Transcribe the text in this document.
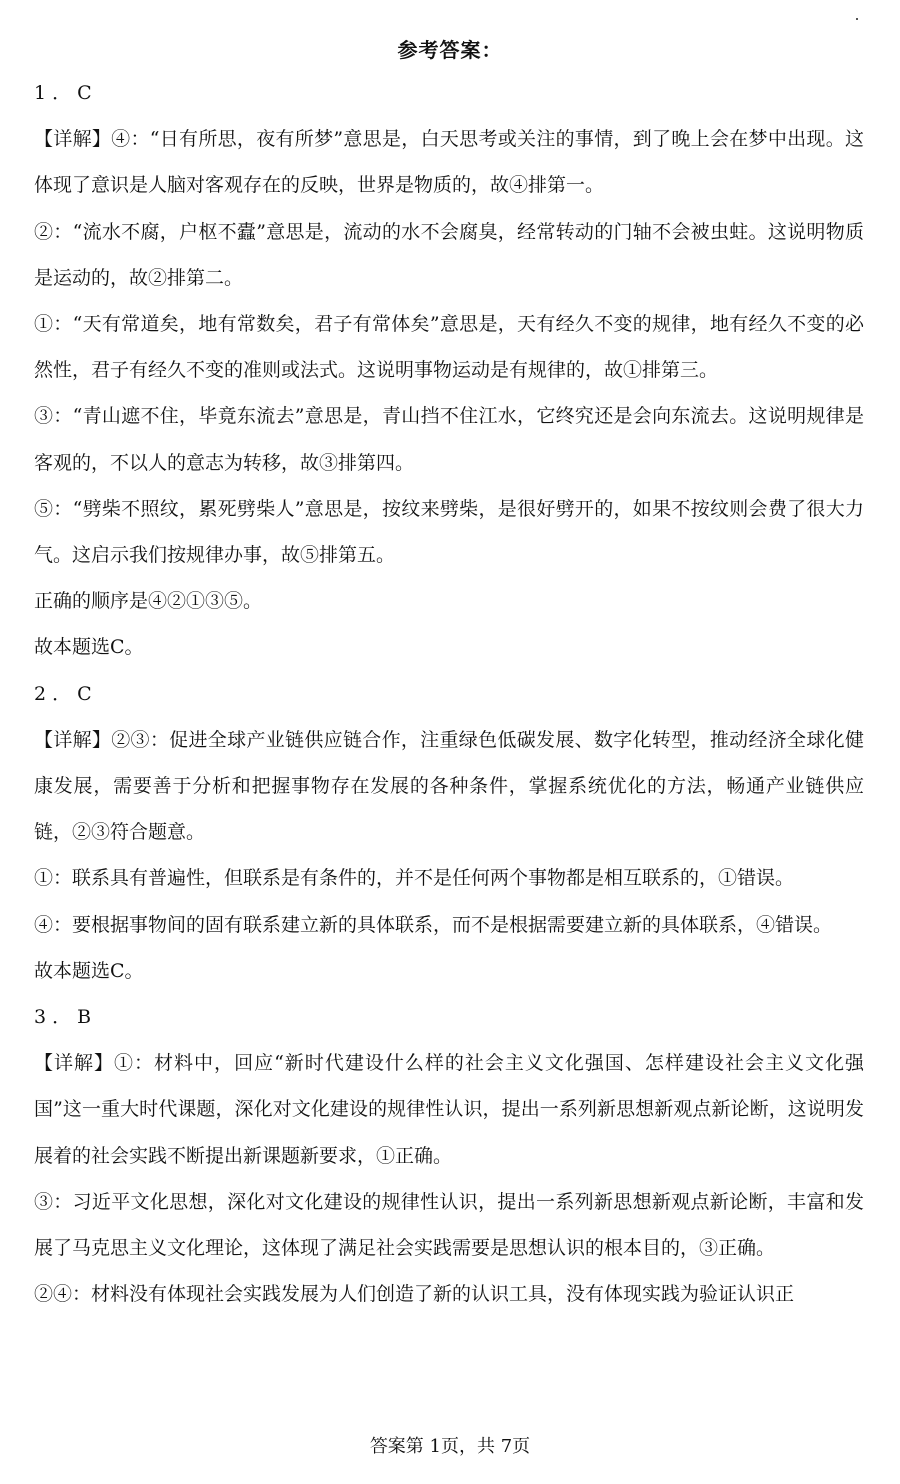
参考答案：

1．C

【详解】④：“日有所思，夜有所梦”意思是，白天思考或关注的事情，到了晚上会在梦中出现。这体现了意识是人脑对客观存在的反映，世界是物质的，故④排第一。

②：“流水不腐，户枢不蠹”意思是，流动的水不会腐臭，经常转动的门轴不会被虫蛀。这说明物质是运动的，故②排第二。

①：“天有常道矣，地有常数矣，君子有常体矣”意思是，天有经久不变的规律，地有经久不变的必然性，君子有经久不变的准则或法式。这说明事物运动是有规律的，故①排第三。

③：“青山遮不住，毕竟东流去”意思是，青山挡不住江水，它终究还是会向东流去。这说明规律是客观的，不以人的意志为转移，故③排第四。

⑤：“劈柴不照纹，累死劈柴人”意思是，按纹来劈柴，是很好劈开的，如果不按纹则会费了很大力气。这启示我们按规律办事，故⑤排第五。

正确的顺序是④②①③⑤。

故本题选C。

2．C

【详解】②③：促进全球产业链供应链合作，注重绿色低碳发展、数字化转型，推动经济全球化健康发展，需要善于分析和把握事物存在发展的各种条件，掌握系统优化的方法，畅通产业链供应链，②③符合题意。

①：联系具有普遍性，但联系是有条件的，并不是任何两个事物都是相互联系的，①错误。

④：要根据事物间的固有联系建立新的具体联系，而不是根据需要建立新的具体联系，④错误。

故本题选C。

3．B

【详解】①：材料中，回应“新时代建设什么样的社会主义文化强国、怎样建设社会主义文化强国”这一重大时代课题，深化对文化建设的规律性认识，提出一系列新思想新观点新论断，这说明发展着的社会实践不断提出新课题新要求，①正确。

③：习近平文化思想，深化对文化建设的规律性认识，提出一系列新思想新观点新论断，丰富和发展了马克思主义文化理论，这体现了满足社会实践需要是思想认识的根本目的，③正确。

②④：材料没有体现社会实践发展为人们创造了新的认识工具，没有体现实践为验证认识正

答案第 1页，共 7页
